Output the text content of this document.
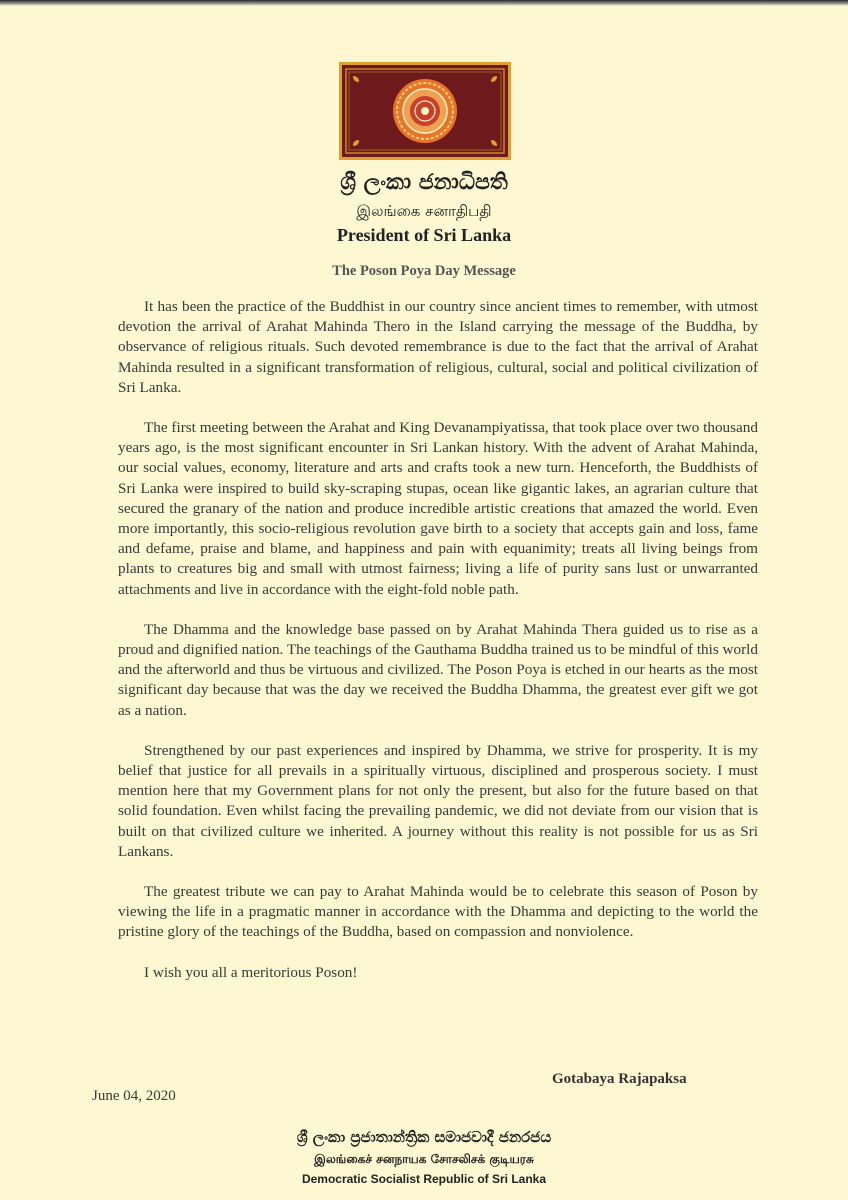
ශ්‍රී ලංකා ජනාධිපති
இலங்கை சனாதிபதி
President of Sri Lanka
The Poson Poya Day Message

It has been the practice of the Buddhist in our country since ancient times to remember, with utmost devotion the arrival of Arahat Mahinda Thero in the Island carrying the message of the Buddha, by observance of religious rituals. Such devoted remembrance is due to the fact that the arrival of Arahat Mahinda resulted in a significant transformation of religious, cultural, social and political civilization of Sri Lanka.

The first meeting between the Arahat and King Devanampiyatissa, that took place over two thousand years ago, is the most significant encounter in Sri Lankan history. With the advent of Arahat Mahinda, our social values, economy, literature and arts and crafts took a new turn. Henceforth, the Buddhists of Sri Lanka were inspired to build sky-scraping stupas, ocean like gigantic lakes, an agrarian culture that secured the granary of the nation and produce incredible artistic creations that amazed the world. Even more importantly, this socio-religious revolution gave birth to a society that accepts gain and loss, fame and defame, praise and blame, and happiness and pain with equanimity; treats all living beings from plants to creatures big and small with utmost fairness; living a life of purity sans lust or unwarranted attachments and live in accordance with the eight-fold noble path.

The Dhamma and the knowledge base passed on by Arahat Mahinda Thera guided us to rise as a proud and dignified nation. The teachings of the Gauthama Buddha trained us to be mindful of this world and the afterworld and thus be virtuous and civilized. The Poson Poya is etched in our hearts as the most significant day because that was the day we received the Buddha Dhamma, the greatest ever gift we got as a nation.

Strengthened by our past experiences and inspired by Dhamma, we strive for prosperity. It is my belief that justice for all prevails in a spiritually virtuous, disciplined and prosperous society. I must mention here that my Government plans for not only the present, but also for the future based on that solid foundation. Even whilst facing the prevailing pandemic, we did not deviate from our vision that is built on that civilized culture we inherited. A journey without this reality is not possible for us as Sri Lankans.

The greatest tribute we can pay to Arahat Mahinda would be to celebrate this season of Poson by viewing the life in a pragmatic manner in accordance with the Dhamma and depicting to the world the pristine glory of the teachings of the Buddha, based on compassion and nonviolence.

I wish you all a meritorious Poson!

Gotabaya Rajapaksa
June 04, 2020
ශ්‍රී ලංකා ප්‍රජාතාන්ත්‍රික සමාජවාදී ජනරජය
இலங்கைச் சனநாயக சோசலிசக் குடியரசு
Democratic Socialist Republic of Sri Lanka
